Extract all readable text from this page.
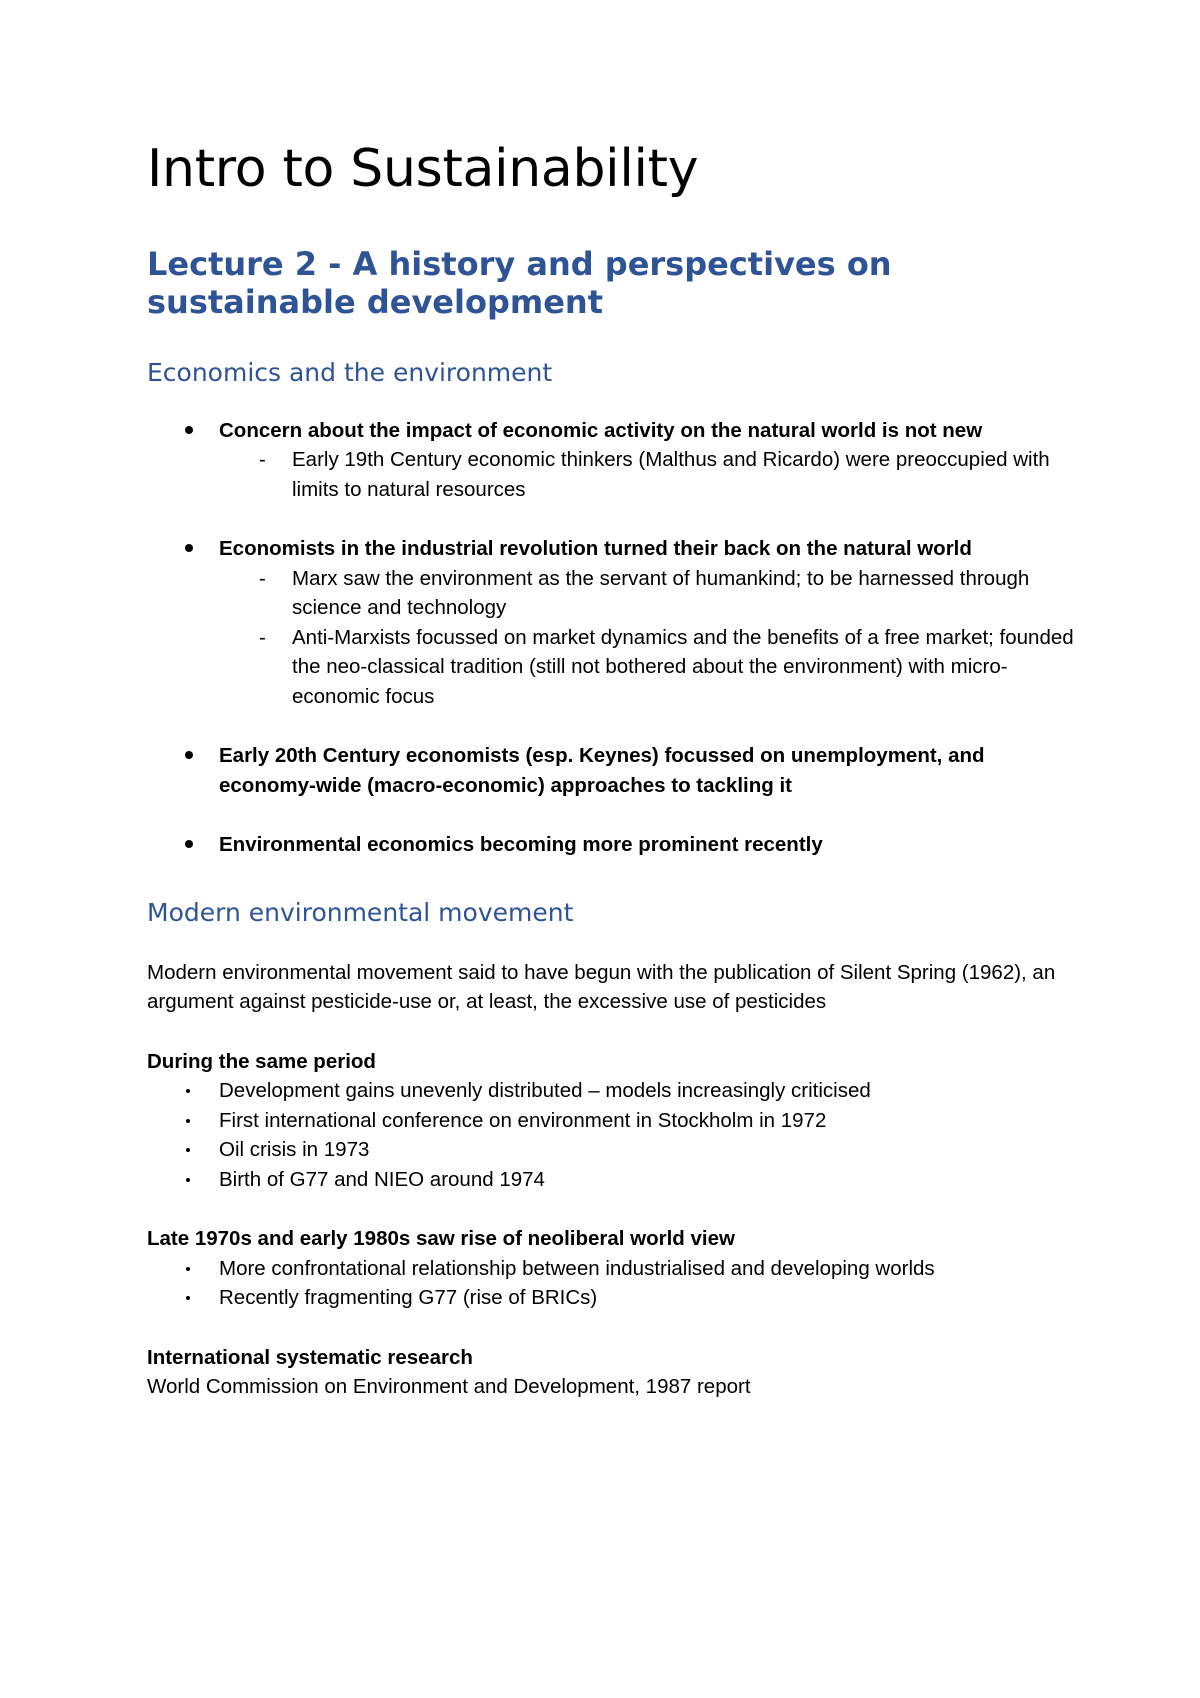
Intro to Sustainability
Lecture 2 - A history and perspectives on sustainable development
Economics and the environment
Concern about the impact of economic activity on the natural world is not new
- Early 19th Century economic thinkers (Malthus and Ricardo) were preoccupied with limits to natural resources
Economists in the industrial revolution turned their back on the natural world
- Marx saw the environment as the servant of humankind; to be harnessed through science and technology
- Anti-Marxists focussed on market dynamics and the benefits of a free market; founded the neo-classical tradition (still not bothered about the environment) with micro-economic focus
Early 20th Century economists (esp. Keynes) focussed on unemployment, and economy-wide (macro-economic) approaches to tackling it
Environmental economics becoming more prominent recently
Modern environmental movement

Modern environmental movement said to have begun with the publication of Silent Spring (1962), an argument against pesticide-use or, at least, the excessive use of pesticides

During the same period
Development gains unevenly distributed – models increasingly criticised
First international conference on environment in Stockholm in 1972
Oil crisis in 1973
Birth of G77 and NIEO around 1974
Late 1970s and early 1980s saw rise of neoliberal world view
More confrontational relationship between industrialised and developing worlds
Recently fragmenting G77 (rise of BRICs)
International systematic research
World Commission on Environment and Development, 1987 report
